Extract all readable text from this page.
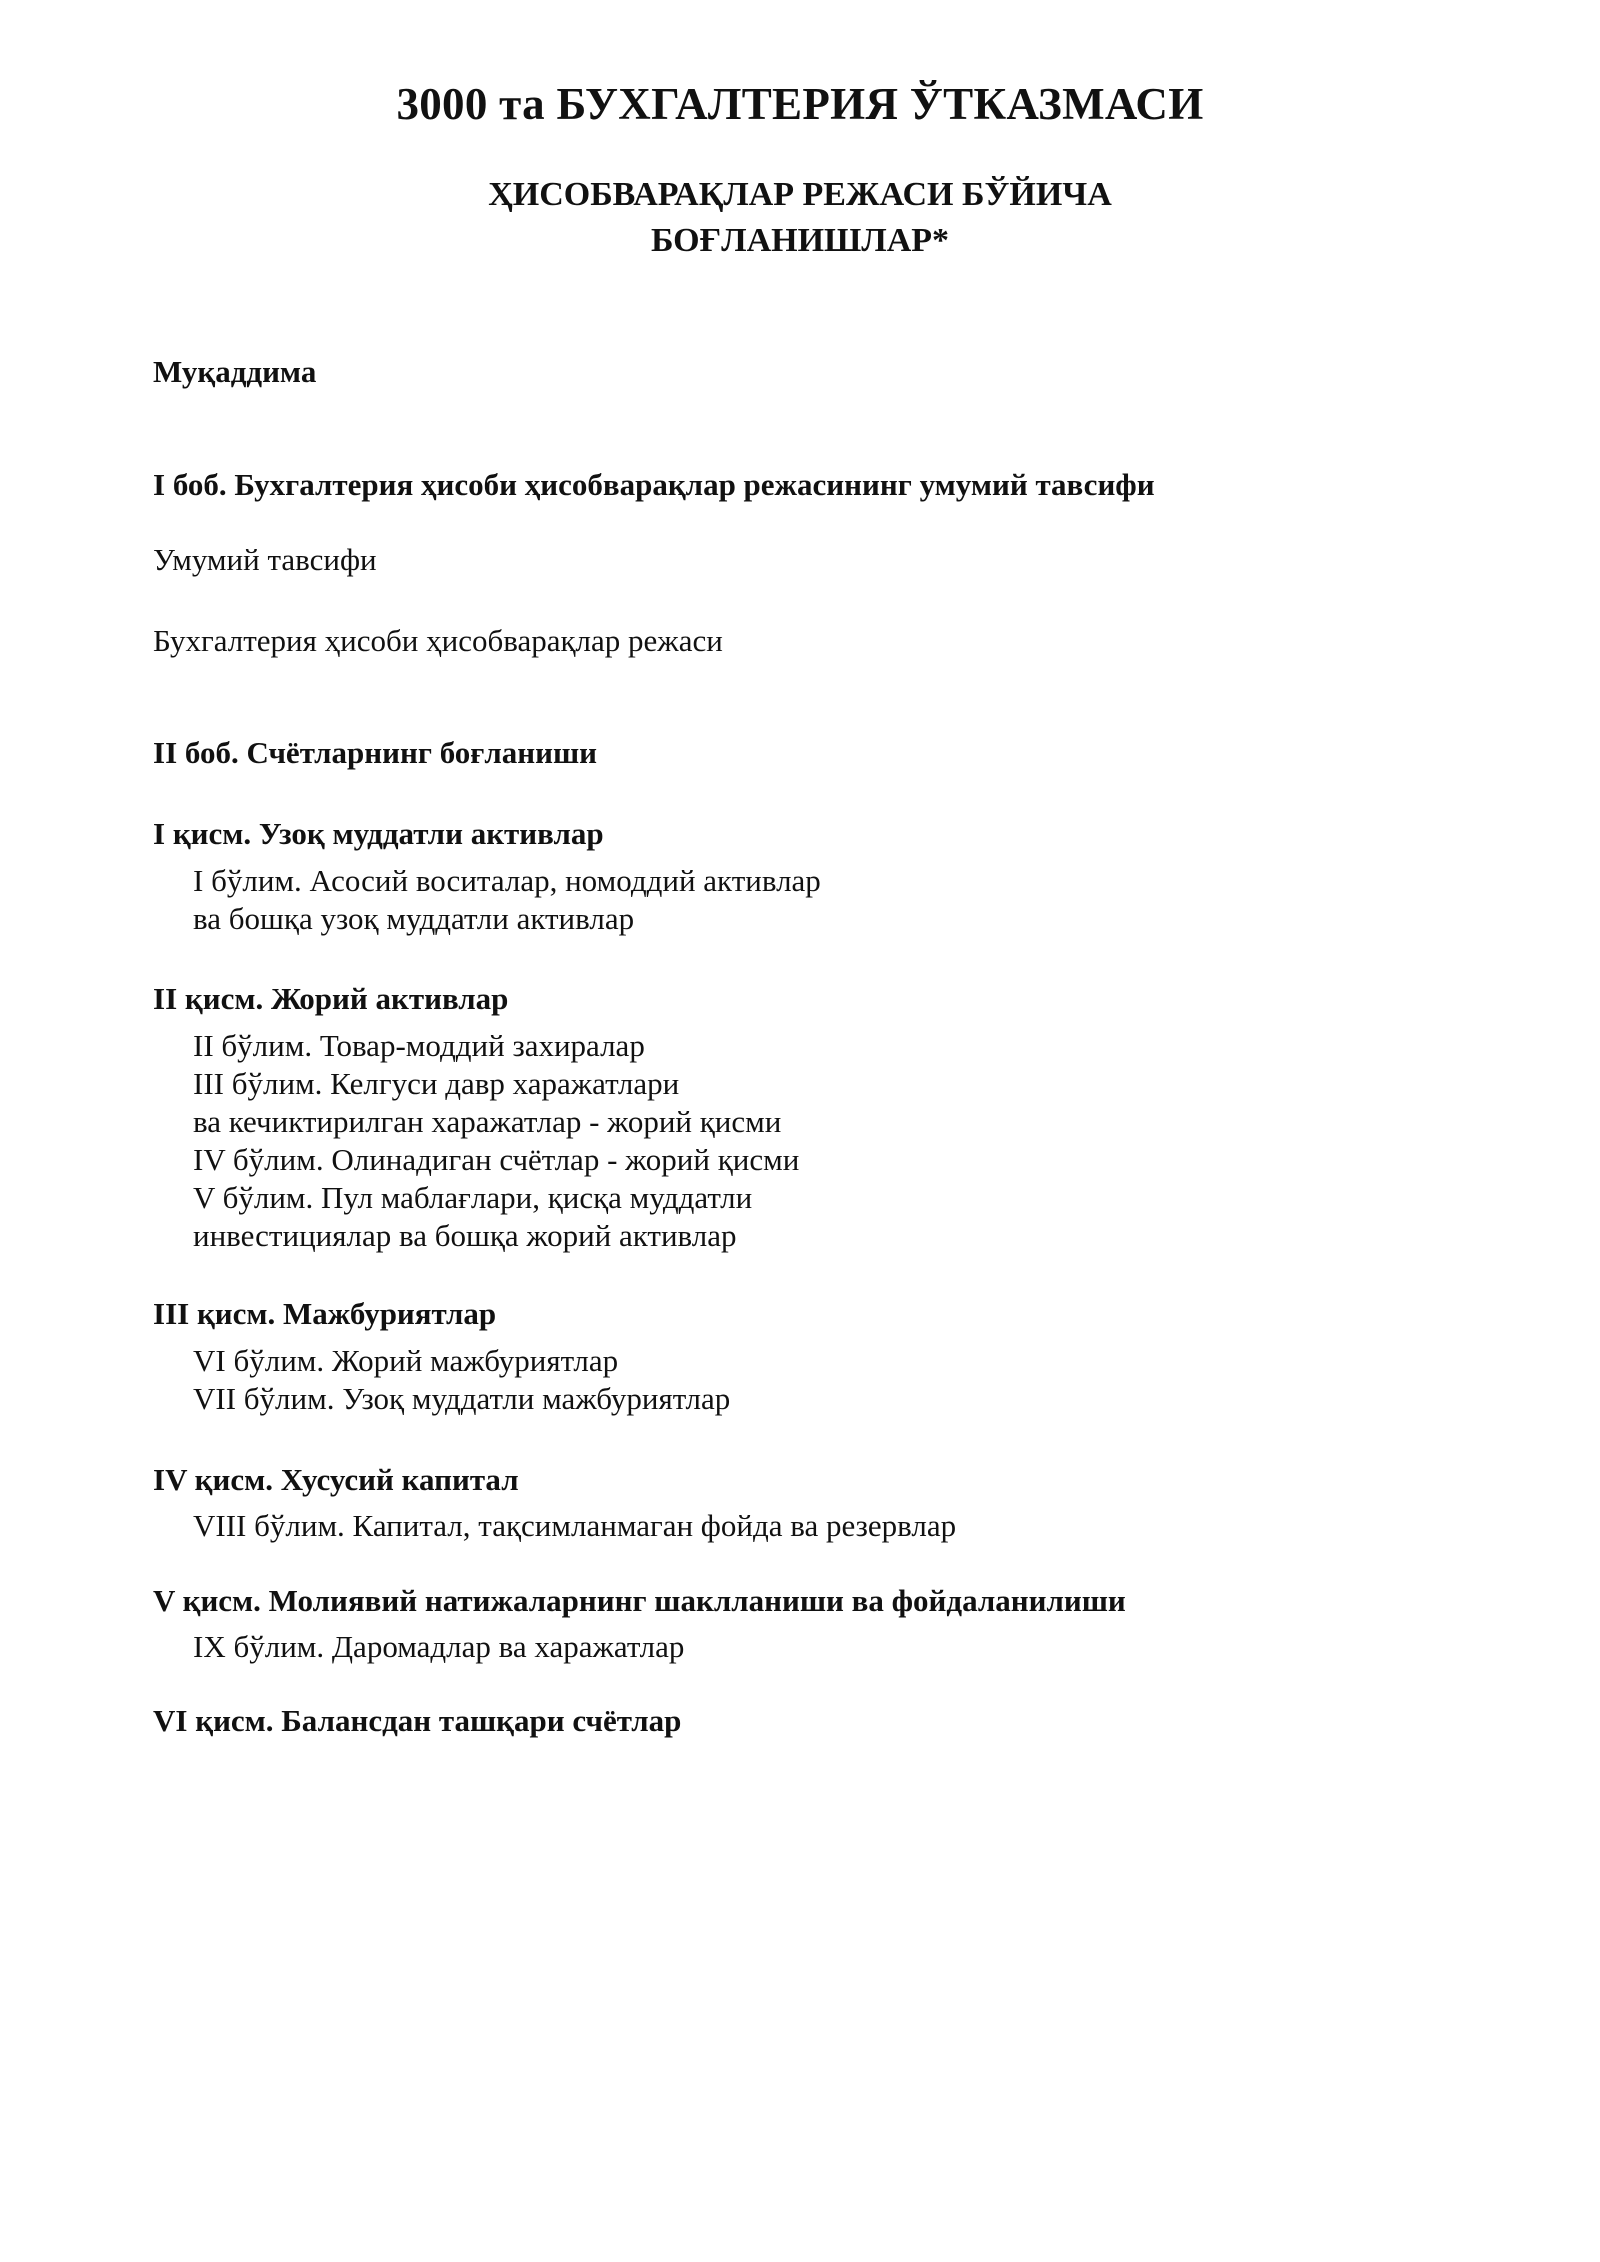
3000 та БУХГАЛТЕРИЯ ЎТКАЗМАСИ
ҲИСОБВАРАҚЛАР РЕЖАСИ БЎЙИЧА
БОҒЛАНИШЛАР*
Муқаддима
I боб. Бухгалтерия ҳисоби ҳисобварақлар режасининг умумий тавсифи
Умумий тавсифи
Бухгалтерия ҳисоби ҳисобварақлар режаси
II боб. Счётларнинг боғланиши
I қисм. Узоқ муддатли активлар
I бўлим. Асосий воситалар, номоддий активлар
ва бошқа узоқ муддатли активлар
II қисм. Жорий активлар
II бўлим. Товар-моддий захиралар
III бўлим. Келгуси давр харажатлари
ва кечиктирилган харажатлар - жорий қисми
IV бўлим. Олинадиган счётлар - жорий қисми
V бўлим. Пул маблағлари, қисқа муддатли
инвестициялар ва бошқа жорий активлар
III қисм. Мажбуриятлар
VI бўлим. Жорий мажбуриятлар
VII бўлим. Узоқ муддатли мажбуриятлар
IV қисм. Хусусий капитал
VIII бўлим. Капитал, тақсимланмаган фойда ва резервлар
V қисм. Молиявий натижаларнинг шаклланиши ва фойдаланилиши
IX бўлим. Даромадлар ва харажатлар
VI қисм. Балансдан ташқари счётлар
